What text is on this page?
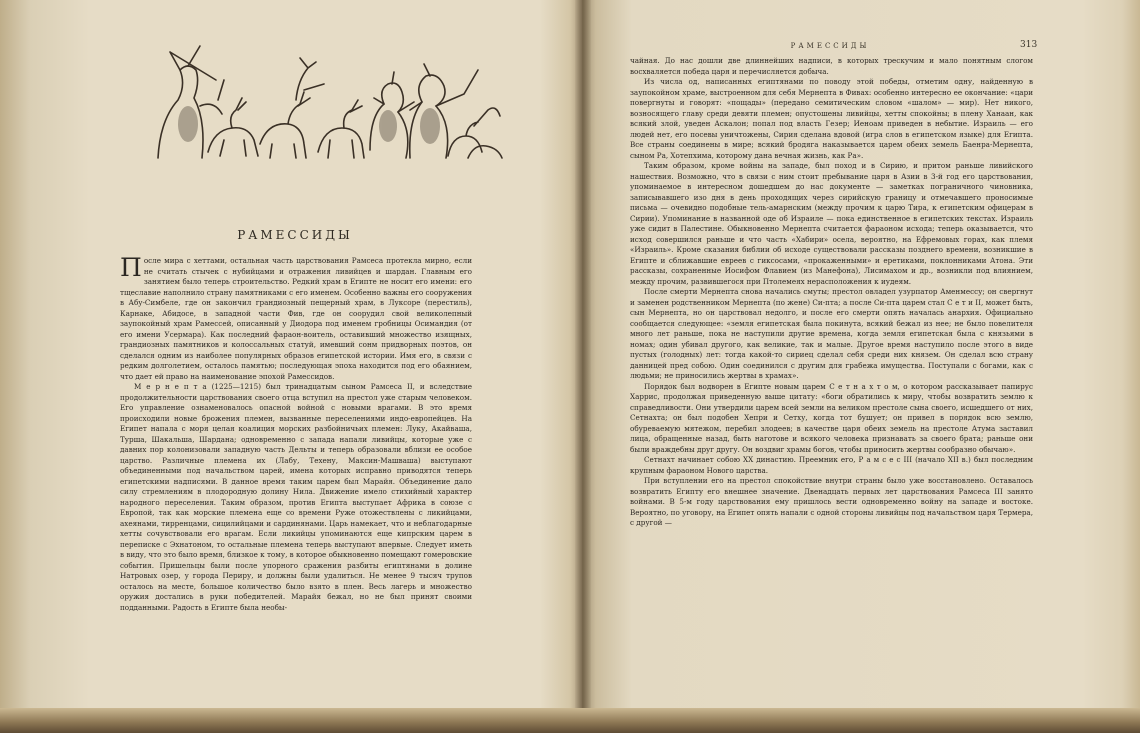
РАМЕССИДЫ

После мира с хеттами, остальная часть царствования Рамсеса протекла мирно, если не считать стычек с нубийцами и отражения ливийцев и шардан. Главным его занятием было теперь строительство. Редкий храм в Египте не носит его имени: его тщеславие наполнило страну памятниками с его именем. Особенно важны его сооружения в Абу-Симбеле, где он закончил грандиозный пещерный храм, в Луксоре (перестиль), Карнаке, Абидосе, в западной части Фив, где он соорудил свой великолепный заупокойный храм Рамессей, описанный у Диодора под именем гробницы Осимандия (от его имени Усермара). Как последний фараон-воитель, оставивший множество изящных, грандиозных памятников и колоссальных статуй, имевший сонм придворных поэтов, он сделался одним из наиболее популярных образов египетской истории. Имя его, в связи с редким долголетием, осталось памятью; последующая эпоха находится под его обаянием, что дает ей право на наименование эпохой Рамессидов.

М е р н е п т а (1225—1215) был тринадцатым сыном Рамсеса II, и вследствие продолжительности царствования своего отца вступил на престол уже старым человеком. Его управление ознаменовалось опасной войной с новыми врагами. В это время происходили новые брожения племен, вызванные переселениями индо-европейцев. На Египет напала с моря целая коалиция морских разбойничьих племен: Луку, Акайваша, Турша, Шакальша, Шардана; одновременно с запада напали ливийцы, которые уже с давних пор колонизовали западную часть Дельты и теперь образовали вблизи ее особое царство. Различные племена их (Лабу, Техену, Максин-Машваша) выступают объединенными под начальством царей, имена которых исправно приводятся теперь египетскими надписями. В данное время таким царем был Марайя. Объединение дало силу стремлениям в плодородную долину Нила. Движение имело стихийный характер народного переселения. Таким образом, против Египта выступает Африка в союзе с Европой, так как морские племена еще со времени Руже отожествлены с ликийцами, ахеянами, тирренцами, сицилийцами и сардинянами. Царь намекает, что и неблагодарные хетты сочувствовали его врагам. Если ликийцы упоминаются еще кипрским царем в переписке с Эхнатоном, то остальные племена теперь выступают впервые. Следует иметь в виду, что это было время, близкое к тому, в которое обыкновенно помещают гомеровские события. Пришельцы были после упорного сражения разбиты египтянами в долине Натровых озер, у города Периру, и должны были удалиться. Не менее 9 тысяч трупов осталось на месте, большое количество было взято в плен. Весь лагерь и множество оружия достались в руки победителей. Марайя бежал, но не был принят своими подданными. Радость в Египте была необы-

РАМЕССИДЫ	313

чайная. До нас дошли две длиннейших надписи, в которых трескучим и мало понятным слогом восхваляется победа царя и перечисляется добыча.

Из числа од, написанных египтянами по поводу этой победы, отметим одну, найденную в заупокойном храме, выстроенном для себя Мернепта в Фивах: особенно интересно ее окончание: «цари повергнуты и говорят: «пощады» (передано семитическим словом «шалом» — мир). Нет никого, возносящего главу среди девяти племен; опустошены ливийцы, хетты спокойны; в плену Ханаан, как всякий злой, уведен Аскалон; попал под власть Гезер; Иеноам приведен в небытие. Израиль — его людей нет, его посевы уничтожены, Сирия сделана вдовой (игра слов в египетском языке) для Египта. Все страны соединены в мире; всякий бродяга наказывается царем обеих земель Баенра-Мернепта, сыном Ра, Хотепхима, которому дана вечная жизнь, как Ра».

Таким образом, кроме войны на западе, был поход и в Сирию, и притом раньше ливийского нашествия. Возможно, что в связи с ним стоит пребывание царя в Азии в 3-й год его царствования, упоминаемое в интересном дошедшем до нас документе — заметках пограничного чиновника, записывавшего изо дня в день проходящих через сирийскую границу и отмечавшего проносимые письма — очевидно подобные тель-амарнским (между прочим к царю Тира, к египетским офицерам в Сирии). Упоминание в названной оде об Израиле — пока единственное в египетских текстах. Израиль уже сидит в Палестине. Обыкновенно Мернепта считается фараоном исхода; теперь оказывается, что исход совершился раньше и что часть «Хабири» осела, вероятно, на Ефремовых горах, как племя «Израиль». Кроме сказания библии об исходе существовали рассказы позднего времени, возникшие в Египте и сближавшие евреев с гиксосами, «прокаженными» и еретиками, поклонниками Атона. Эти рассказы, сохраненные Иосифом Флавием (из Манефона), Лисимахом и др., возникли под влиянием, между прочим, развившегося при Птолемеях нерасположения к иудеям.

После смерти Мернепта снова начались смуты; престол овладел узурпатор Аменмессу; он свергнут и заменен родственником Мернепта (по жене) Си-пта; а после Си-пта царем стал С е т и II, может быть, сын Мернепта, но он царствовал недолго, и после его смерти опять началась анархия. Официально сообщается следующее: «земля египетская была покинута, всякий бежал из нее; не было повелителя много лет раньше, пока не наступили другие времена, когда земля египетская была с князьями в номах; один убивал другого, как великие, так и малые. Другое время наступило после этого в виде пустых (голодных) лет: тогда какой-то сириец сделал себя среди них князем. Он сделал всю страну данницей пред собою. Один соединился с другим для грабежа имущества. Поступали с богами, как с людьми; не приносились жертвы в храмах».

Порядок был водворен в Египте новым царем С е т н а х т о м, о котором рассказывает папирус Харрис, продолжая приведенную выше цитату: «боги обратились к миру, чтобы возвратить землю к справедливости. Они утвердили царем всей земли на великом престоле сына своего, исшедшего от них, Сетнахта; он был подобен Хепри и Сетху, когда тот бушует; он привел в порядок всю землю, обуреваемую мятежом, перебил злодеев; в качестве царя обеих земель на престоле Атума заставил лица, обращенные назад, быть наготове и всякого человека признавать за своего брата; раньше они были враждебны друг другу. Он воздвиг храмы богов, чтобы приносить жертвы сообразно обычаю».

Сетнахт начинает собою XX династию. Преемник его, Р а м с е с III (начало XII в.) был последним крупным фараоном Нового царства.

При вступлении его на престол спокойствие внутри страны было уже восстановлено. Оставалось возвратить Египту его внешнее значение. Двенадцать первых лет царствования Рамсеса III занято войнами. В 5-м году царствования ему пришлось вести одновременно войну на западе и востоке. Вероятно, по уговору, на Египет опять напали с одной стороны ливийцы под начальством царя Термера, с другой —
